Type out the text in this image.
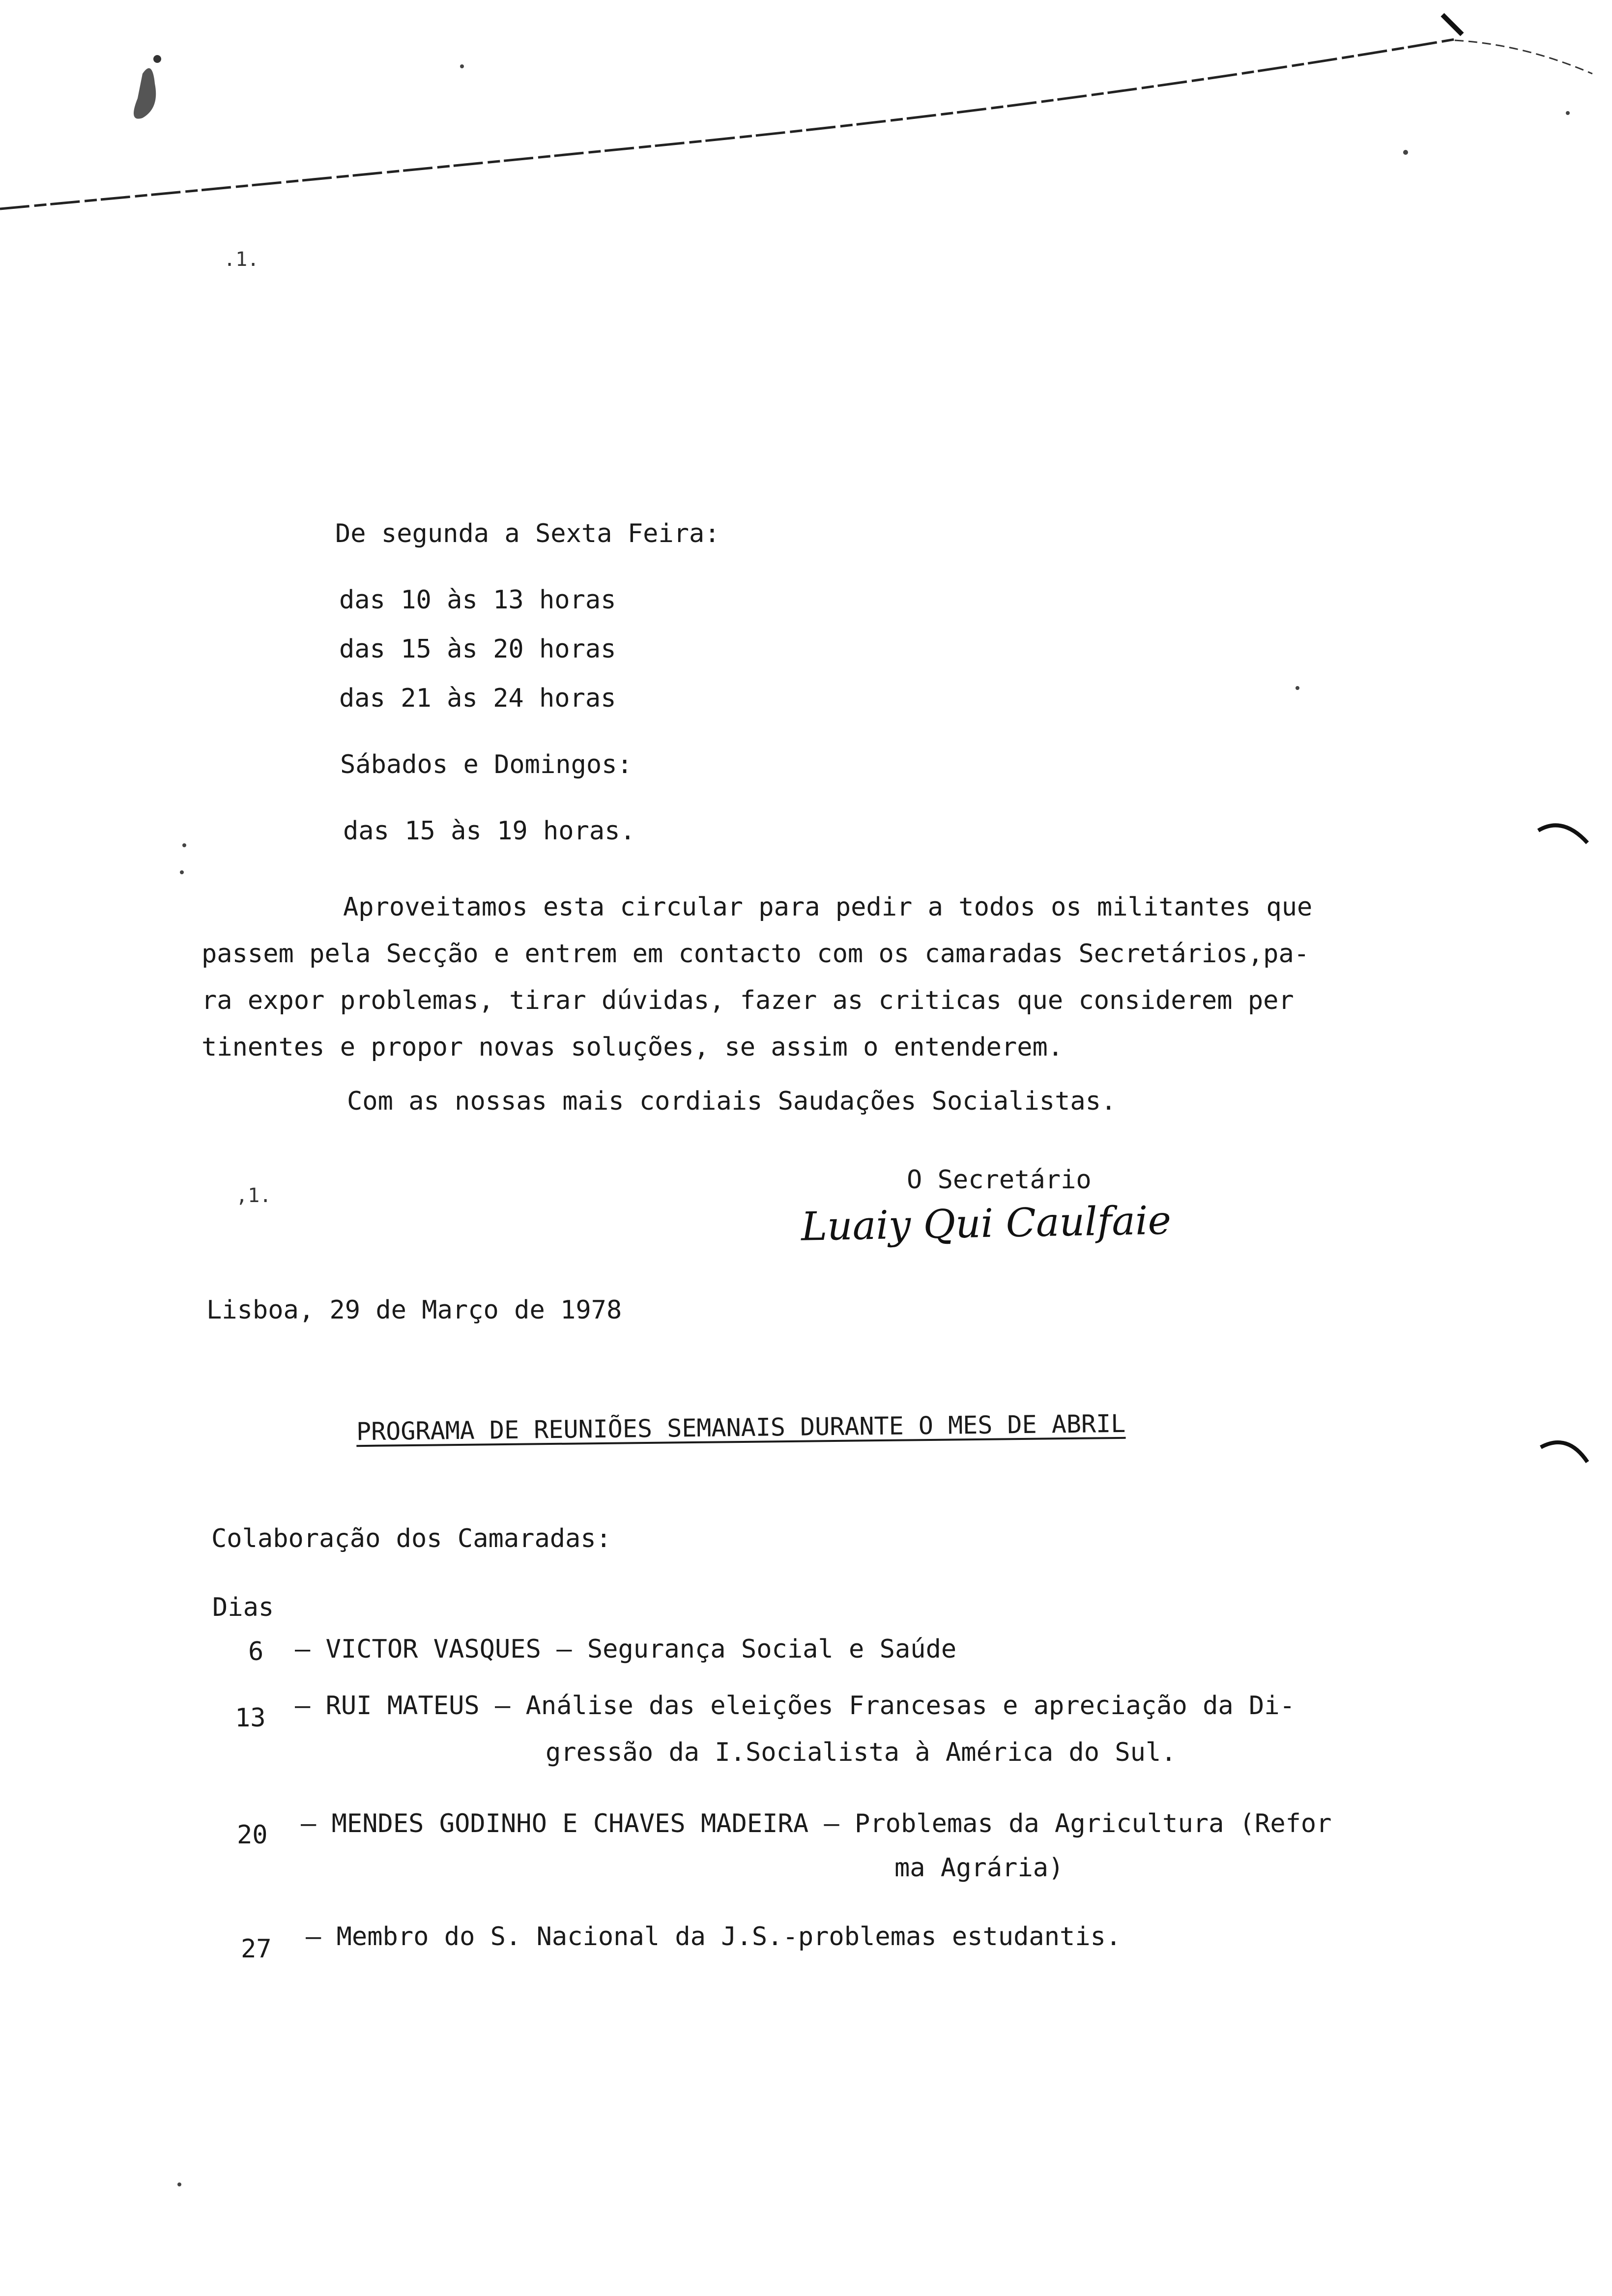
.1.
De segunda a Sexta Feira:
das 10 às 13 horas
das 15 às 20 horas
das 21 às 24 horas
Sábados e Domingos:
das 15 às 19 horas.
Aproveitamos esta circular para pedir a todos os militantes que
passem pela Secção e entrem em contacto com os camaradas Secretários,pa-
ra expor problemas, tirar dúvidas, fazer as criticas que considerem per
tinentes e propor novas soluções, se assim o entenderem.
Com as nossas mais cordiais Saudações Socialistas.
,1.
O Secretário
Luaiy Qui Caulfaie
Lisboa, 29 de Março de 1978
PROGRAMA DE REUNIÕES SEMANAIS DURANTE O MES DE ABRIL
Colaboração dos Camaradas:
Dias
6 – VICTOR VASQUES – Segurança Social e Saúde
13 – RUI MATEUS – Análise das eleições Francesas e apreciação da Di-
gressão da I.Socialista à América do Sul.
20 – MENDES GODINHO E CHAVES MADEIRA – Problemas da Agricultura (Refor
ma Agrária)
27 – Membro do S. Nacional da J.S.-problemas estudantis.
